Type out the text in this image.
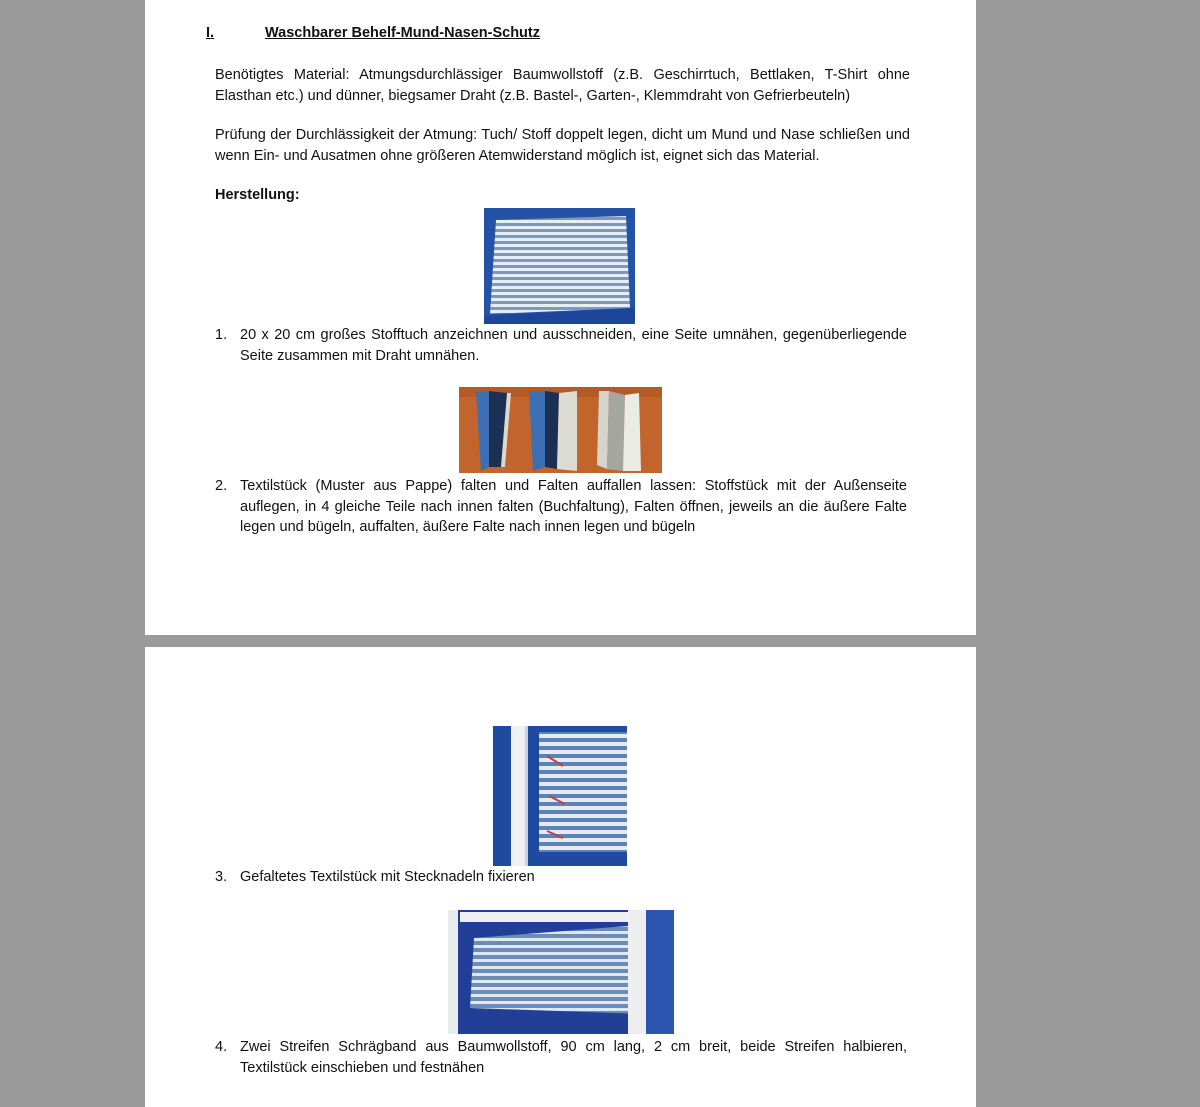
I.	Waschbarer Behelf-Mund-Nasen-Schutz
Benötigtes Material: Atmungsdurchlässiger Baumwollstoff (z.B. Geschirrtuch, Bettlaken, T-Shirt ohne Elasthan etc.) und dünner, biegsamer Draht (z.B. Bastel-, Garten-, Klemmdraht von Gefrierbeuteln)
Prüfung der Durchlässigkeit der Atmung: Tuch/ Stoff doppelt legen, dicht um Mund und Nase schließen und wenn Ein- und Ausatmen ohne größeren Atemwiderstand möglich ist, eignet sich das Material.
Herstellung:
1. 20 x 20 cm großes Stofftuch anzeichnen und ausschneiden, eine Seite umnähen, gegenüberliegende Seite zusammen mit Draht umnähen.
2. Textilstück (Muster aus Pappe) falten und Falten auffallen lassen: Stoffstück mit der Außenseite auflegen, in 4 gleiche Teile nach innen falten (Buchfaltung), Falten öffnen, jeweils an die äußere Falte legen und bügeln, auffalten, äußere Falte nach innen legen und bügeln
3. Gefaltetes Textilstück mit Stecknadeln fixieren
4. Zwei Streifen Schrägband aus Baumwollstoff, 90 cm lang, 2 cm breit, beide Streifen halbieren, Textilstück einschieben und festnähen
